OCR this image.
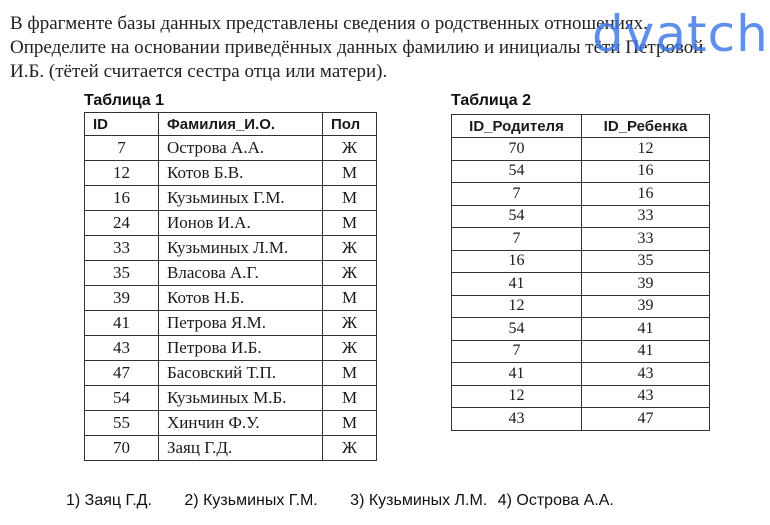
В фрагменте базы данных представлены сведения о родственных отношениях.

Определите на основании приведённых данных фамилию и инициалы тёти Петровой

И.Б. (тётей считается сестра отца или матери).

dvatch
Таблица 1	Таблица 2
ID	Фамилия_И.О.	Пол
7	Острова А.А.	Ж
12	Котов Б.В.	М
16	Кузьминых Г.М.	М
24	Ионов И.А.	М
33	Кузьминых Л.М.	Ж
35	Власова А.Г.	Ж
39	Котов Н.Б.	М
41	Петрова Я.М.	Ж
43	Петрова И.Б.	Ж
47	Басовский Т.П.	М
54	Кузьминых М.Б.	М
55	Хинчин Ф.У.	М
70	Заяц Г.Д.	Ж
ID_Родителя	ID_Ребенка
70	12
54	16
7	16
54	33
7	33
16	35
41	39
12	39
54	41
7	41
41	43
12	43
43	47
1) Заяц Г.Д. 2) Кузьминых Г.М. 3) Кузьминых Л.М. 4) Острова А.А.
